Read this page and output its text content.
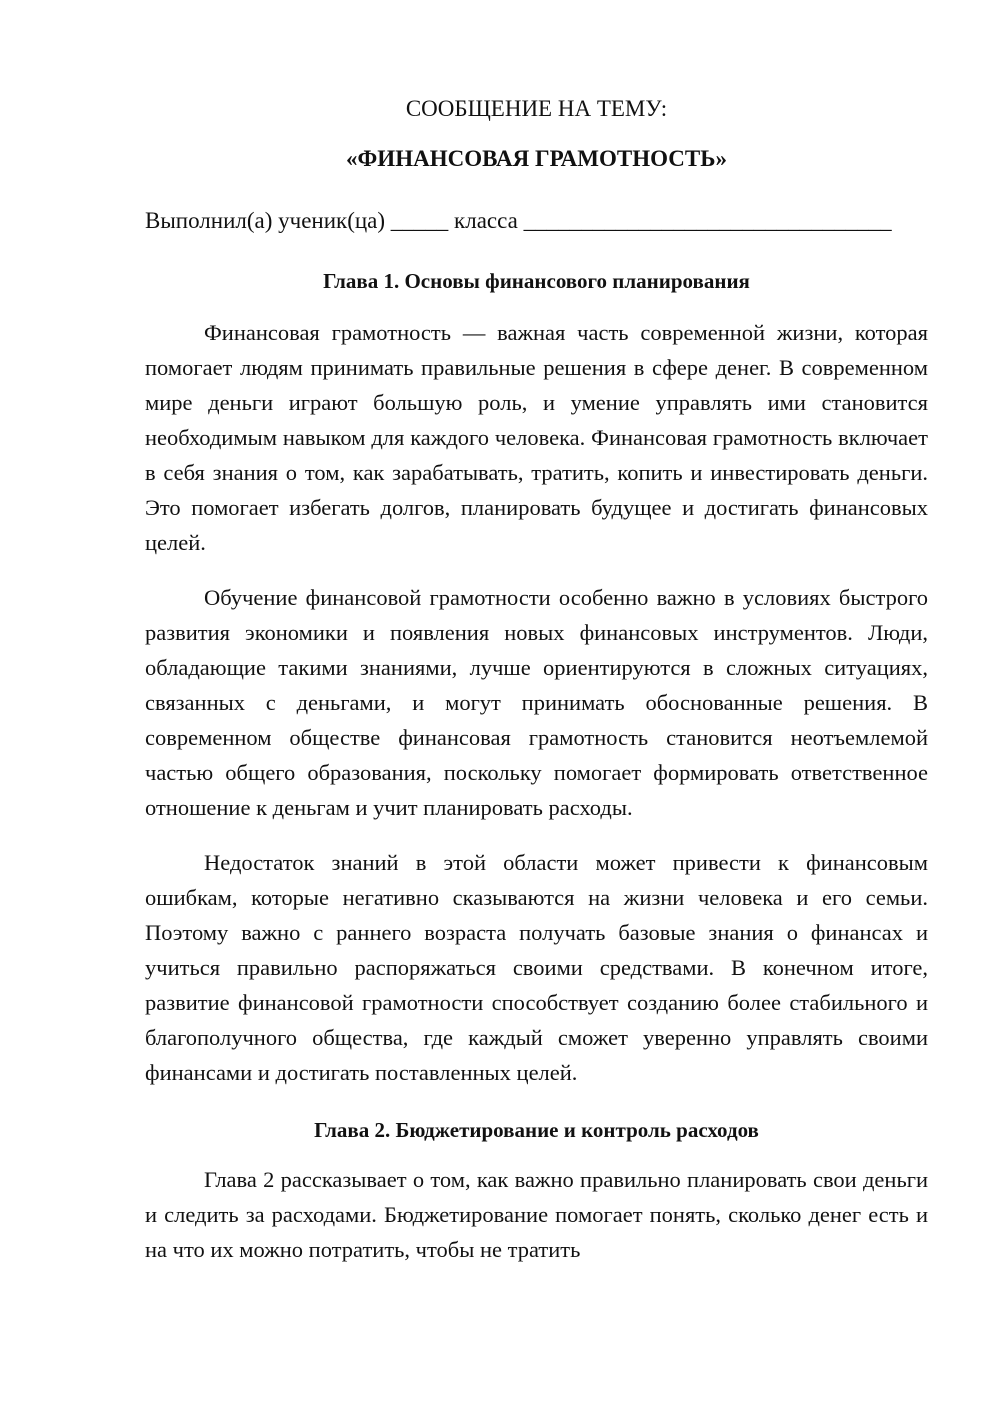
СООБЩЕНИЕ НА ТЕМУ:

«ФИНАНСОВАЯ ГРАМОТНОСТЬ»

Выполнил(а) ученик(ца) _____ класса ________________________________

Глава 1. Основы финансового планирования

Финансовая грамотность — важная часть современной жизни, которая помогает людям принимать правильные решения в сфере денег. В современном мире деньги играют большую роль, и умение управлять ими становится необходимым навыком для каждого человека. Финансовая грамотность включает в себя знания о том, как зарабатывать, тратить, копить и инвестировать деньги. Это помогает избегать долгов, планировать будущее и достигать финансовых целей.

Обучение финансовой грамотности особенно важно в условиях быстрого развития экономики и появления новых финансовых инструментов. Люди, обладающие такими знаниями, лучше ориентируются в сложных ситуациях, связанных с деньгами, и могут принимать обоснованные решения. В современном обществе финансовая грамотность становится неотъемлемой частью общего образования, поскольку помогает формировать ответственное отношение к деньгам и учит планировать расходы.

Недостаток знаний в этой области может привести к финансовым ошибкам, которые негативно сказываются на жизни человека и его семьи. Поэтому важно с раннего возраста получать базовые знания о финансах и учиться правильно распоряжаться своими средствами. В конечном итоге, развитие финансовой грамотности способствует созданию более стабильного и благополучного общества, где каждый сможет уверенно управлять своими финансами и достигать поставленных целей.

Глава 2. Бюджетирование и контроль расходов

Глава 2 рассказывает о том, как важно правильно планировать свои деньги и следить за расходами. Бюджетирование помогает понять, сколько денег есть и на что их можно потратить, чтобы не тратить
